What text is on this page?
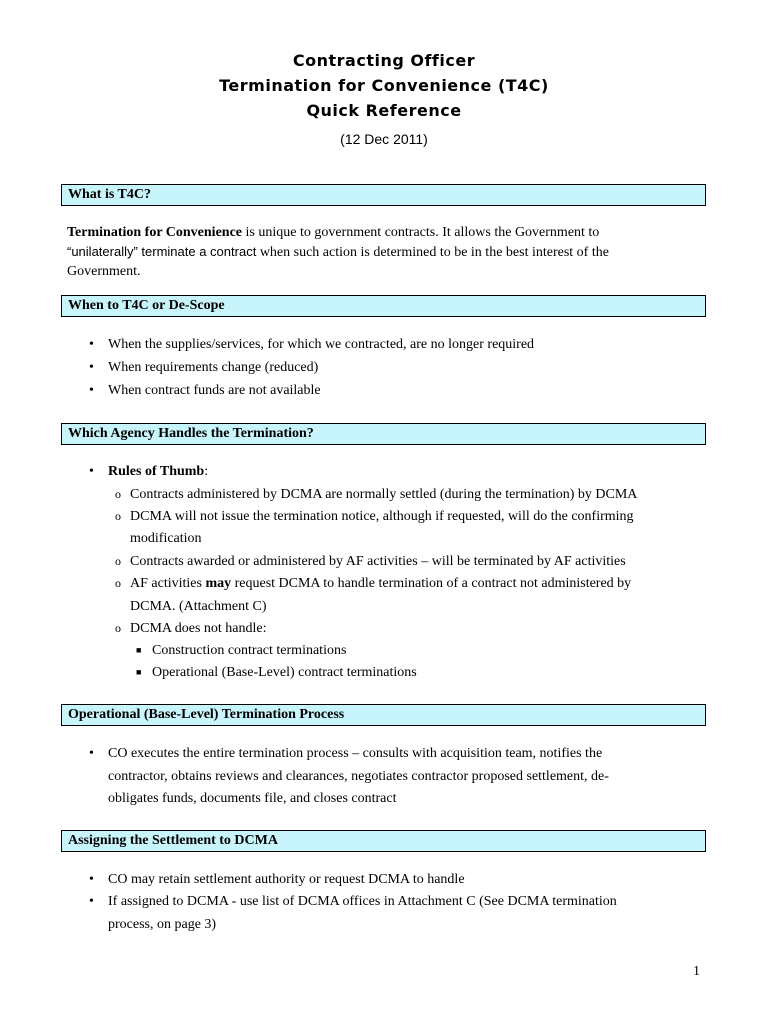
Contracting Officer
Termination for Convenience (T4C)
Quick Reference
(12 Dec 2011)
What is T4C?
Termination for Convenience is unique to government contracts. It allows the Government to
“unilaterally” terminate a contract when such action is determined to be in the best interest of the
Government.
When to T4C or De-Scope
• When the supplies/services, for which we contracted, are no longer required
• When requirements change (reduced)
• When contract funds are not available
Which Agency Handles the Termination?
• Rules of Thumb:
o Contracts administered by DCMA are normally settled (during the termination) by DCMA
o DCMA will not issue the termination notice, although if requested, will do the confirming
modification
o Contracts awarded or administered by AF activities – will be terminated by AF activities
o AF activities may request DCMA to handle termination of a contract not administered by
DCMA. (Attachment C)
o DCMA does not handle:
■ Construction contract terminations
■ Operational (Base-Level) contract terminations
Operational (Base-Level) Termination Process
• CO executes the entire termination process – consults with acquisition team, notifies the
contractor, obtains reviews and clearances, negotiates contractor proposed settlement, de-
obligates funds, documents file, and closes contract
Assigning the Settlement to DCMA
• CO may retain settlement authority or request DCMA to handle
• If assigned to DCMA - use list of DCMA offices in Attachment C (See DCMA termination
process, on page 3)
1
